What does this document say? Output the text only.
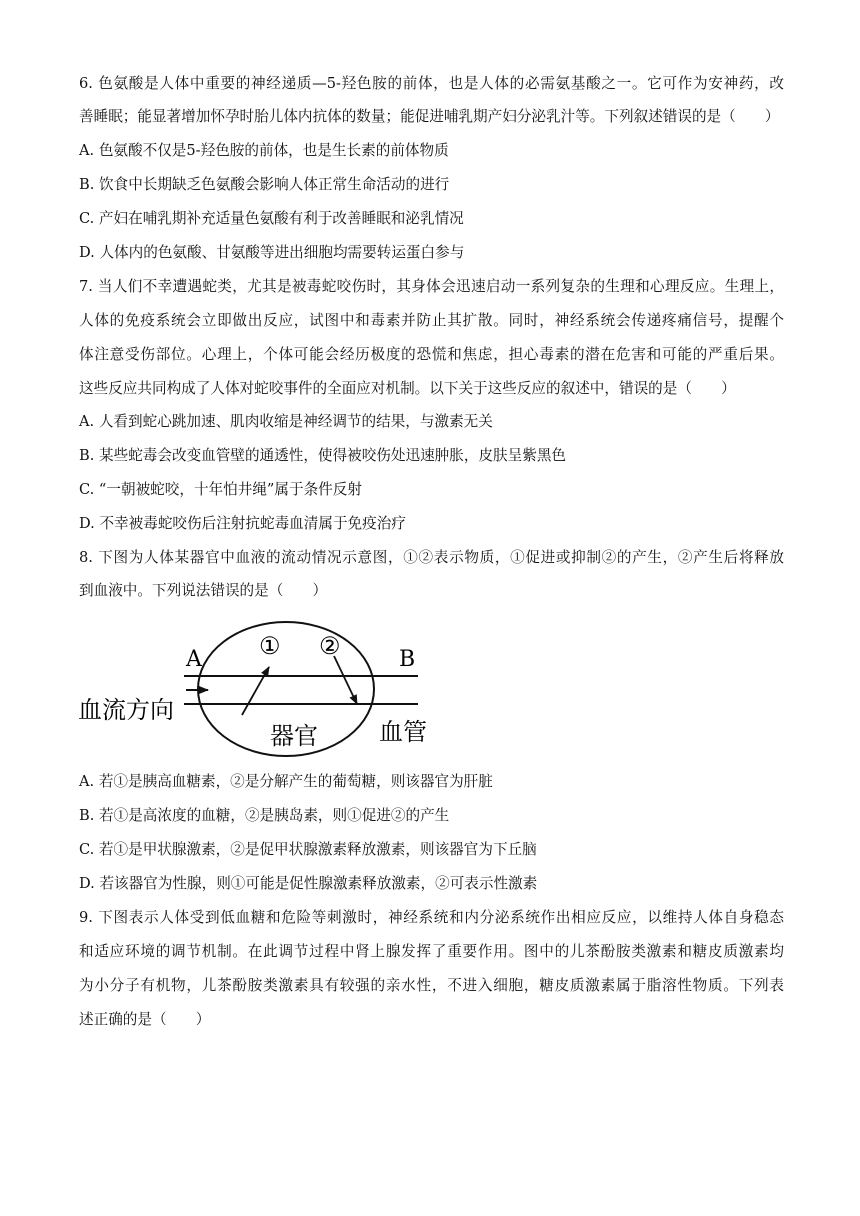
6. 色氨酸是人体中重要的神经递质—5-羟色胺的前体，也是人体的必需氨基酸之一。它可作为安神药，改
善睡眠；能显著增加怀孕时胎儿体内抗体的数量；能促进哺乳期产妇分泌乳汁等。下列叙述错误的是（　　）
A. 色氨酸不仅是5-羟色胺的前体，也是生长素的前体物质
B. 饮食中长期缺乏色氨酸会影响人体正常生命活动的进行
C. 产妇在哺乳期补充适量色氨酸有利于改善睡眠和泌乳情况
D. 人体内的色氨酸、甘氨酸等进出细胞均需要转运蛋白参与
7. 当人们不幸遭遇蛇类，尤其是被毒蛇咬伤时，其身体会迅速启动一系列复杂的生理和心理反应。生理上，
人体的免疫系统会立即做出反应，试图中和毒素并防止其扩散。同时，神经系统会传递疼痛信号，提醒个
体注意受伤部位。心理上，个体可能会经历极度的恐慌和焦虑，担心毒素的潜在危害和可能的严重后果。
这些反应共同构成了人体对蛇咬事件的全面应对机制。以下关于这些反应的叙述中，错误的是（　　）
A. 人看到蛇心跳加速、肌肉收缩是神经调节的结果，与激素无关
B. 某些蛇毒会改变血管壁的通透性，使得被咬伤处迅速肿胀，皮肤呈紫黑色
C. “一朝被蛇咬，十年怕井绳”属于条件反射
D. 不幸被毒蛇咬伤后注射抗蛇毒血清属于免疫治疗
8. 下图为人体某器官中血液的流动情况示意图，①②表示物质，①促进或抑制②的产生，②产生后将释放
到血液中。下列说法错误的是（　　）
A	B
① ②
血流方向
器官	血管
A. 若①是胰高血糖素，②是分解产生的葡萄糖，则该器官为肝脏
B. 若①是高浓度的血糖，②是胰岛素，则①促进②的产生
C. 若①是甲状腺激素，②是促甲状腺激素释放激素，则该器官为下丘脑
D. 若该器官为性腺，则①可能是促性腺激素释放激素，②可表示性激素
9. 下图表示人体受到低血糖和危险等刺激时，神经系统和内分泌系统作出相应反应，以维持人体自身稳态
和适应环境的调节机制。在此调节过程中肾上腺发挥了重要作用。图中的儿茶酚胺类激素和糖皮质激素均
为小分子有机物，儿茶酚胺类激素具有较强的亲水性，不进入细胞，糖皮质激素属于脂溶性物质。下列表
述正确的是（　　）
